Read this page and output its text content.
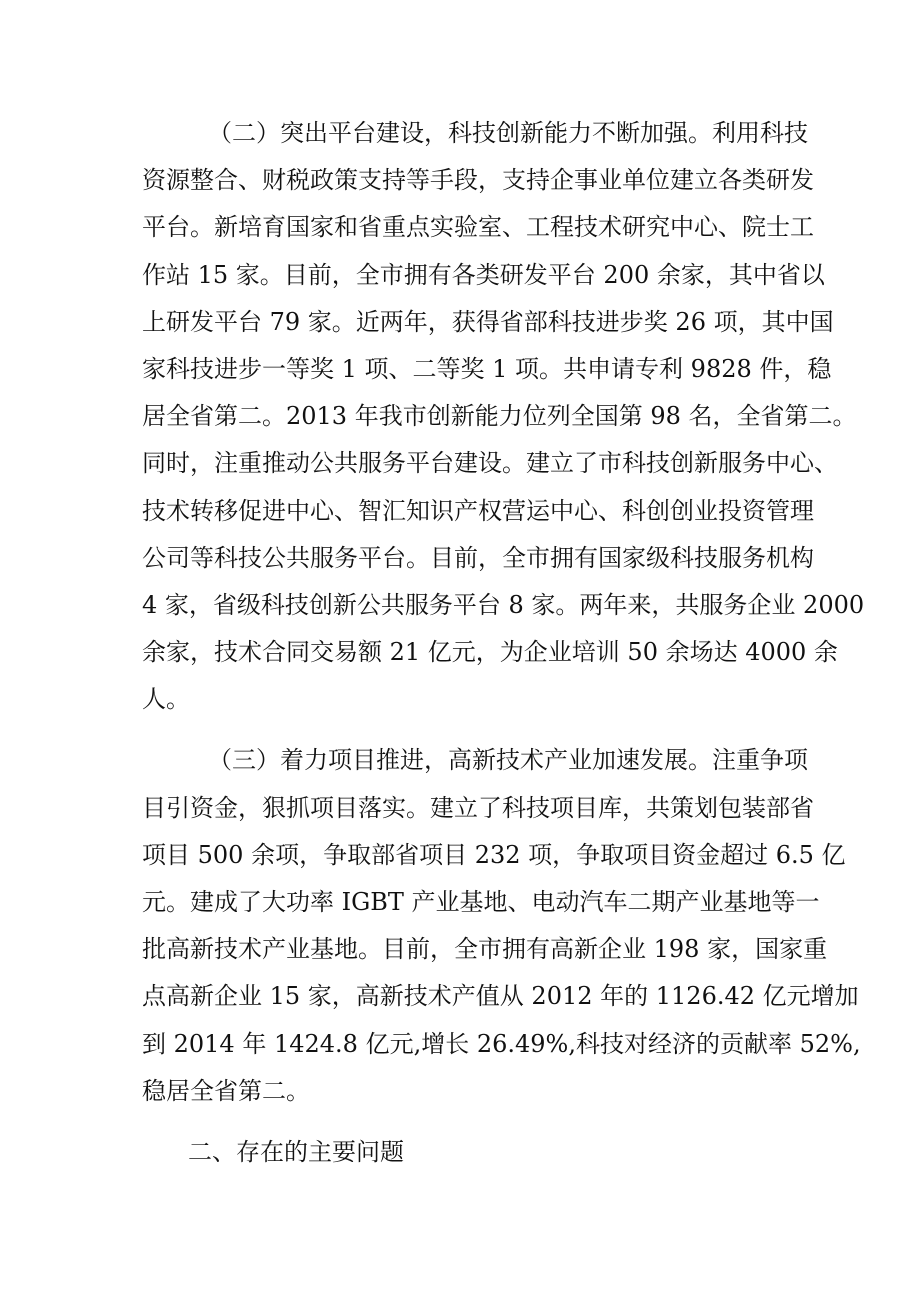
（二）突出平台建设，科技创新能力不断加强。利用科技
资源整合、财税政策支持等手段，支持企事业单位建立各类研发
平台。新培育国家和省重点实验室、工程技术研究中心、院士工
作站 15 家。目前，全市拥有各类研发平台 200 余家，其中省以
上研发平台 79 家。近两年，获得省部科技进步奖 26 项，其中国
家科技进步一等奖 1 项、二等奖 1 项。共申请专利 9828 件，稳
居全省第二。2013 年我市创新能力位列全国第 98 名，全省第二。
同时，注重推动公共服务平台建设。建立了市科技创新服务中心、
技术转移促进中心、智汇知识产权营运中心、科创创业投资管理
公司等科技公共服务平台。目前，全市拥有国家级科技服务机构
4 家，省级科技创新公共服务平台 8 家。两年来，共服务企业 2000
余家，技术合同交易额 21 亿元，为企业培训 50 余场达 4000 余
人。
（三）着力项目推进，高新技术产业加速发展。注重争项
目引资金，狠抓项目落实。建立了科技项目库，共策划包装部省
项目 500 余项，争取部省项目 232 项，争取项目资金超过 6.5 亿
元。建成了大功率 IGBT 产业基地、电动汽车二期产业基地等一
批高新技术产业基地。目前，全市拥有高新企业 198 家，国家重
点高新企业 15 家，高新技术产值从 2012 年的 1126.42 亿元增加
到 2014 年 1424.8 亿元,增长 26.49%,科技对经济的贡献率 52%,
稳居全省第二。
二、存在的主要问题
